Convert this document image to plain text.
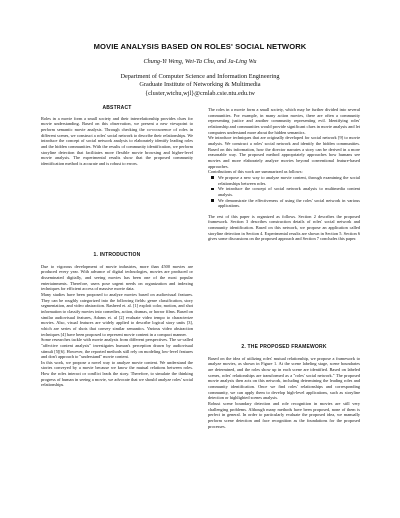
MOVIE ANALYSIS BASED ON ROLES' SOCIAL NETWORK
Chung-Yi Weng, Wei-Ta Chu, and Ja-Ling Wu
Department of Computer Science and Information Engineering
Graduate Institute of Networking & Multimedia
{cluster,wtchu,wjl}@cmlab.csie.ntu.edu.tw
ABSTRACT

Roles in a movie form a small society and their interrelationship provides clues for movie understanding. Based on this observation, we present a new viewpoint to perform semantic movie analysis. Through checking the co-occurrence of roles in different scenes, we construct a roles' social network to describe their relationships. We introduce the concept of social network analysis to elaborately identify leading roles and the hidden communities. With the results of community identification, we perform storyline detection that facilitates more flexible movie browsing and higher-level movie analysis. The experimental results show that the proposed community identification method is accurate and is robust to errors.

1. INTRODUCTION

Due to vigorous development of movie industries, more than 4500 movies are produced every year. With advance of digital technologies, movies are produced or disseminated digitally, and seeing movies has been one of the most popular entertainments. Therefore, users pose urgent needs on organization and indexing techniques for efficient access of massive movie data.

Many studies have been proposed to analyze movies based on audiovisual features. They can be roughly categorized into the following fields: genre classification, story segmentation, and video abstraction. Rasheed et. al. [1] exploit color, motion, and shot information to classify movies into comedies, action, dramas, or horror films. Based on similar audiovisual features, Adams et. al [2] evaluate video tempo to characterize movies. Also, visual features are widely applied to describe logical story units [3], which are series of shots that convey similar semantics. Various video abstraction techniques [4] have been proposed to represent movie content in a compact manner.

Some researches tackle with movie analysis from different perspectives. The so-called "affective content analysis" investigates human's perception drawn by audiovisual stimuli [5][6]. However, the reported methods still rely on modeling low-level features and don't approach to "understand" movie content.

In this work, we propose a novel way to analyze movie content. We understand the stories conveyed by a movie because we know the mutual relations between roles. How the roles interact or conflict leads the story. Therefore, to simulate the thinking progress of human in seeing a movie, we advocate that we should analyze roles' social relationships.

The roles in a movie form a small society, which may be further divided into several communities. For example, in many action movies, there are often a community representing justice and another community representing evil. Identifying roles' relationship and communities would provide significant clues in movie analysis and let computers understand more about the hidden semantics.

We introduce techniques that are originally developed for social network [9] to movie analysis. We construct a roles' social network and identify the hidden communities. Based on this information, how the director narrates a story can be derived in a more reasonable way. The proposed method appropriately approaches how humans see movies and more elaborately analyze movies beyond conventional feature-based approaches.

Contributions of this work are summarized as follows:

We propose a new way to analyze movie content, through examining the social relationships between roles.
We introduce the concept of social network analysis to multimedia content analysis.
We demonstrate the effectiveness of using the roles' social network in various applications.

The rest of this paper is organized as follows. Section 2 describes the proposed framework. Section 3 describes construction details of roles' social network and community identification. Based on this network, we propose an application called storyline detection in Section 4. Experimental results are shown in Section 5. Section 6 gives some discussions on the proposed approach and Section 7 concludes this paper.

2. THE PROPOSED FRAMEWORK

Based on the idea of utilizing roles' mutual relationship, we propose a framework to analyze movies, as shown in Figure 1. At the scene labeling stage, scene boundaries are determined, and the roles show up in each scene are identified. Based on labeled scenes, roles' relationships are transformed as a "roles' social network." The proposed movie analysis then acts on this network, including determining the leading roles and community identification. Once we find roles' relationships and corresponding community, we can apply them to develop high-level applications, such as storyline detection or highlighted scenes analysis.

Robust scene boundary detection and role recognition in movies are still very challenging problems. Although many methods have been proposed, none of them is perfect in general. In order to particularly evaluate the proposed idea, we manually perform scene detection and face recognition as the foundations for the proposed processes.
